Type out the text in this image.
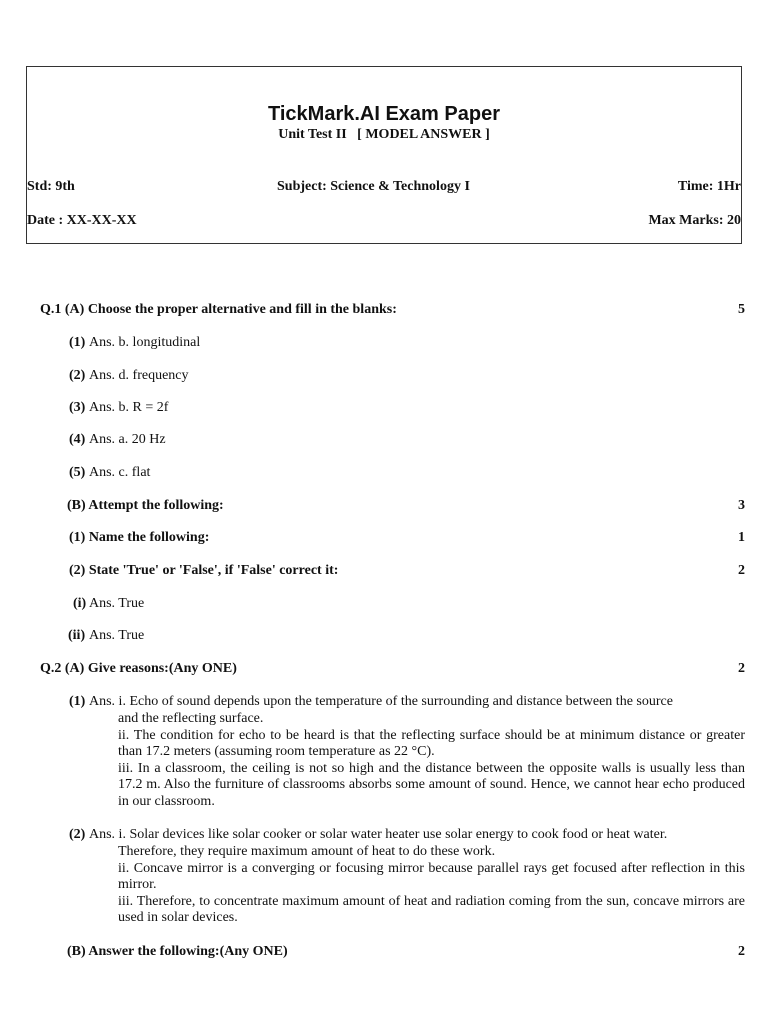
TickMark.AI Exam Paper
Unit Test II   [ MODEL ANSWER ]
Std: 9th	Subject: Science & Technology I	Time: 1Hr
Date : XX-XX-XX	Max Marks: 20
Q.1 (A) Choose the proper alternative and fill in the blanks:	5
(1) Ans. b. longitudinal
(2) Ans. d. frequency
(3) Ans. b. R = 2f
(4) Ans. a. 20 Hz
(5) Ans. c. flat
(B) Attempt the following:	3
(1) Name the following:	1
(2) State 'True' or 'False', if 'False' correct it:	2
(i) Ans. True
(ii) Ans. True
Q.2 (A) Give reasons:(Any ONE)	2
(1) Ans. i. Echo of sound depends upon the temperature of the surrounding and distance between the source

and the reflecting surface.

ii. The condition for echo to be heard is that the reflecting surface should be at minimum distance or greater than 17.2 meters (assuming room temperature as 22 °C).

iii. In a classroom, the ceiling is not so high and the distance between the opposite walls is usually less than 17.2 m. Also the furniture of classrooms absorbs some amount of sound. Hence, we cannot hear echo produced in our classroom.

(2) Ans. i. Solar devices like solar cooker or solar water heater use solar energy to cook food or heat water.

Therefore, they require maximum amount of heat to do these work.

ii. Concave mirror is a converging or focusing mirror because parallel rays get focused after reflection in this mirror.

iii. Therefore, to concentrate maximum amount of heat and radiation coming from the sun, concave mirrors are used in solar devices.

(B) Answer the following:(Any ONE)	2
